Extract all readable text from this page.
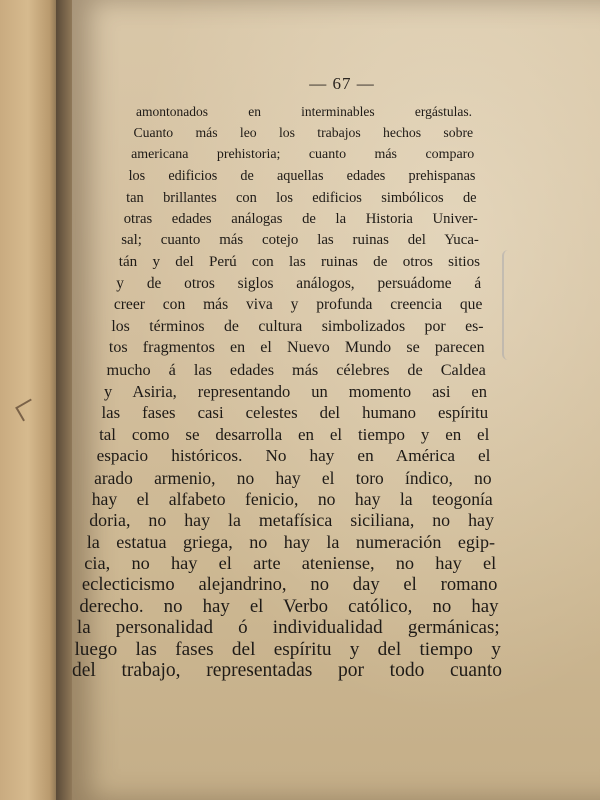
— 67 —
amontonados en interminables ergástulas.
Cuanto más leo los trabajos hechos sobre
americana prehistoria; cuanto más comparo
los edificios de aquellas edades prehispanas
tan brillantes con los edificios simbólicos de
otras edades análogas de la Historia Univer-
sal; cuanto más cotejo las ruinas del Yuca-
tán y del Perú con las ruinas de otros sitios
y de otros siglos análogos, persuádome á
creer con más viva y profunda creencia que
los términos de cultura simbolizados por es-
tos fragmentos en el Nuevo Mundo se parecen
mucho á las edades más célebres de Caldea
y Asiria, representando un momento asi en
las fases casi celestes del humano espíritu
tal como se desarrolla en el tiempo y en el
espacio históricos. No hay en América el
arado armenio, no hay el toro índico, no
hay el alfabeto fenicio, no hay la teogonía
doria, no hay la metafísica siciliana, no hay
la estatua griega, no hay la numeración egip-
cia, no hay el arte ateniense, no hay el
eclecticismo alejandrino, no day el romano
derecho. no hay el Verbo católico, no hay
la personalidad ó individualidad germánicas;
luego las fases del espíritu y del tiempo y
del trabajo, representadas por todo cuanto
